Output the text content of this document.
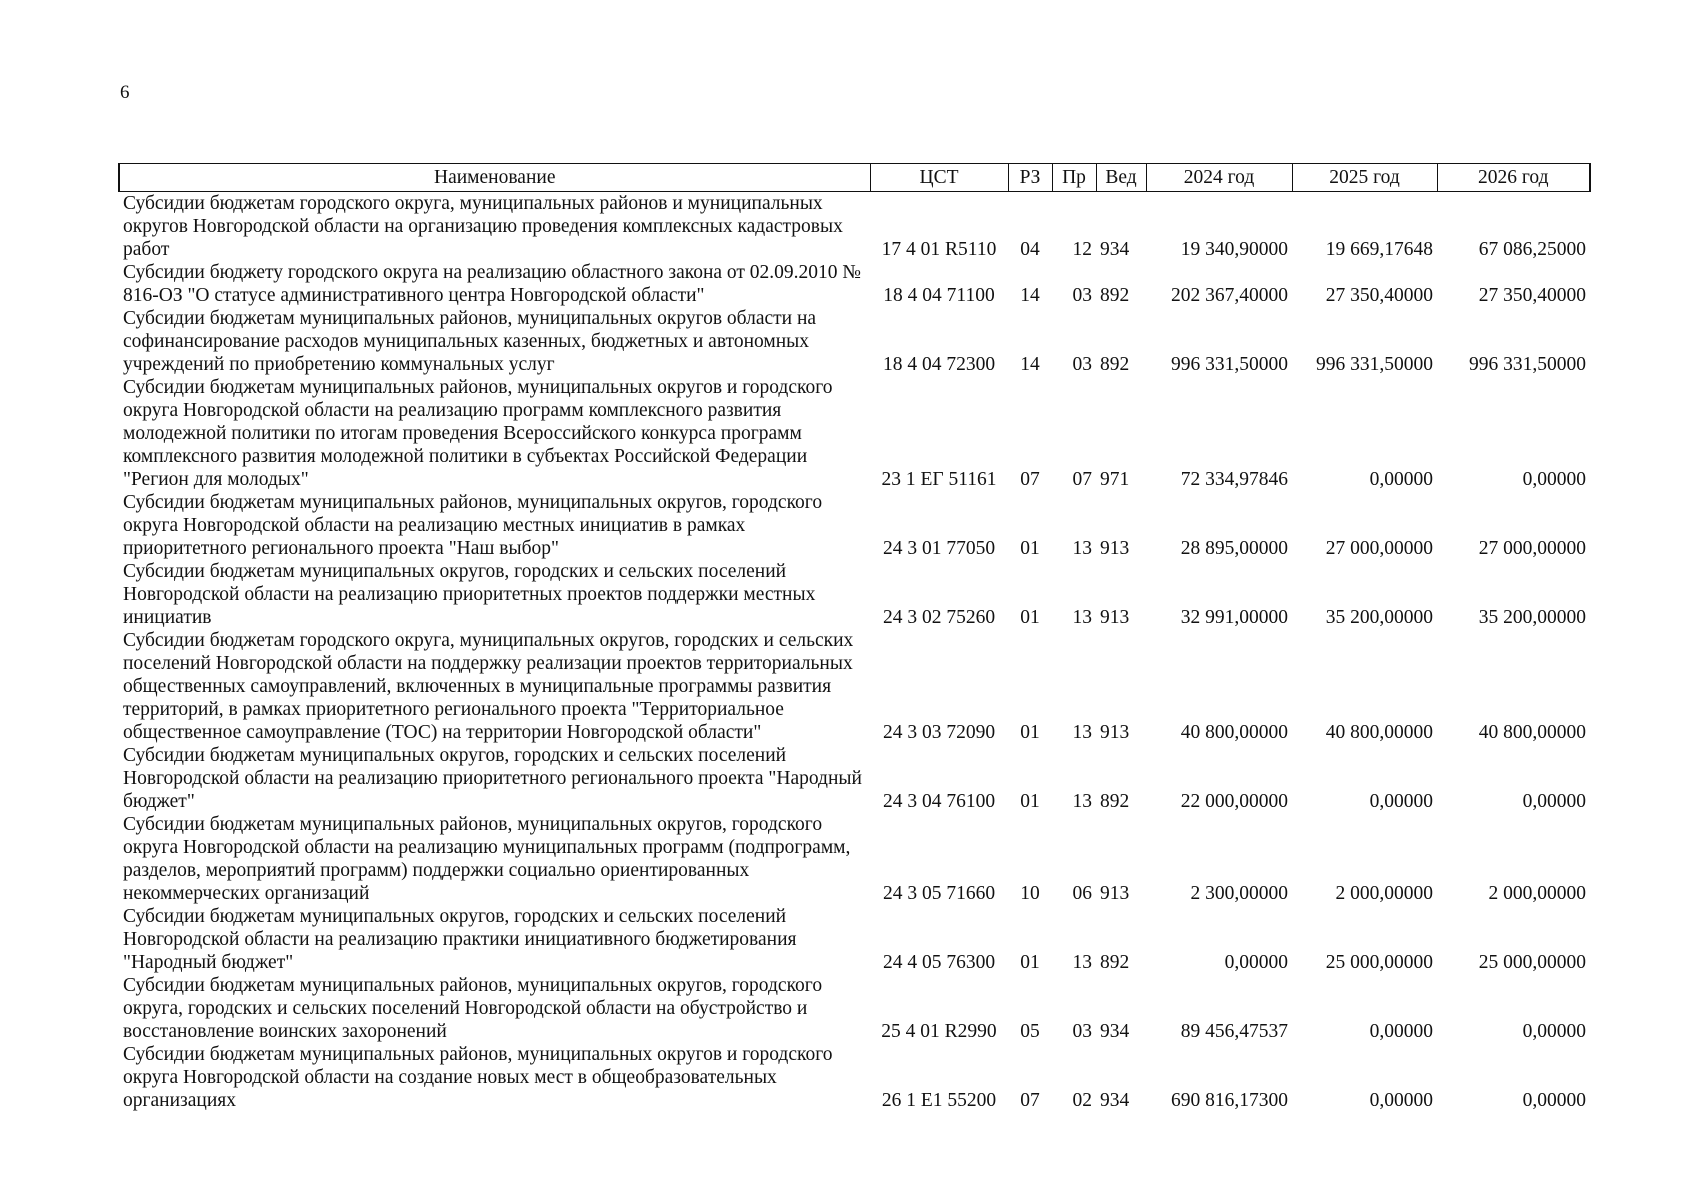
6
Наименование	ЦСТ	РЗ	Пр	Вед	2024 год	2025 год	2026 год
Субсидии бюджетам городского округа, муниципальных районов и муниципальных округов Новгородской области на организацию проведения комплексных кадастровых работ	17 4 01 R5110	04	12	934	19 340,90000	19 669,17648	67 086,25000
Субсидии бюджету городского округа на реализацию областного закона от 02.09.2010 № 816-ОЗ "О статусе административного центра Новгородской области"	18 4 04 71100	14	03	892	202 367,40000	27 350,40000	27 350,40000
Субсидии бюджетам муниципальных районов, муниципальных округов области на софинансирование расходов муниципальных казенных, бюджетных и автономных учреждений по приобретению коммунальных услуг	18 4 04 72300	14	03	892	996 331,50000	996 331,50000	996 331,50000
Субсидии бюджетам муниципальных районов, муниципальных округов и городского округа Новгородской области на реализацию программ комплексного развития молодежной политики по итогам проведения Всероссийского конкурса программ комплексного развития молодежной политики в субъектах Российской Федерации "Регион для молодых"	23 1 ЕГ 51161	07	07	971	72 334,97846	0,00000	0,00000
Субсидии бюджетам муниципальных районов, муниципальных округов, городского округа Новгородской области на реализацию местных инициатив в рамках приоритетного регионального проекта "Наш выбор"	24 3 01 77050	01	13	913	28 895,00000	27 000,00000	27 000,00000
Субсидии бюджетам муниципальных округов, городских и сельских поселений Новгородской области на реализацию приоритетных проектов поддержки местных инициатив	24 3 02 75260	01	13	913	32 991,00000	35 200,00000	35 200,00000
Субсидии бюджетам городского округа, муниципальных округов, городских и сельских поселений Новгородской области на поддержку реализации проектов территориальных общественных самоуправлений, включенных в муниципальные программы развития территорий, в рамках приоритетного регионального проекта "Территориальное общественное самоуправление (ТОС) на территории Новгородской области"	24 3 03 72090	01	13	913	40 800,00000	40 800,00000	40 800,00000
Субсидии бюджетам муниципальных округов, городских и сельских поселений Новгородской области на реализацию приоритетного регионального проекта "Народный бюджет"	24 3 04 76100	01	13	892	22 000,00000	0,00000	0,00000
Субсидии бюджетам муниципальных районов, муниципальных округов, городского округа Новгородской области на реализацию муниципальных программ (подпрограмм, разделов, мероприятий программ) поддержки социально ориентированных некоммерческих организаций	24 3 05 71660	10	06	913	2 300,00000	2 000,00000	2 000,00000
Субсидии бюджетам муниципальных округов, городских и сельских поселений Новгородской области на реализацию практики инициативного бюджетирования "Народный бюджет"	24 4 05 76300	01	13	892	0,00000	25 000,00000	25 000,00000
Субсидии бюджетам муниципальных районов, муниципальных округов, городского округа, городских и сельских поселений Новгородской области на обустройство и восстановление воинских захоронений	25 4 01 R2990	05	03	934	89 456,47537	0,00000	0,00000
Субсидии бюджетам муниципальных районов, муниципальных округов и городского округа Новгородской области на создание новых мест в общеобразовательных организациях	26 1 Е1 55200	07	02	934	690 816,17300	0,00000	0,00000
